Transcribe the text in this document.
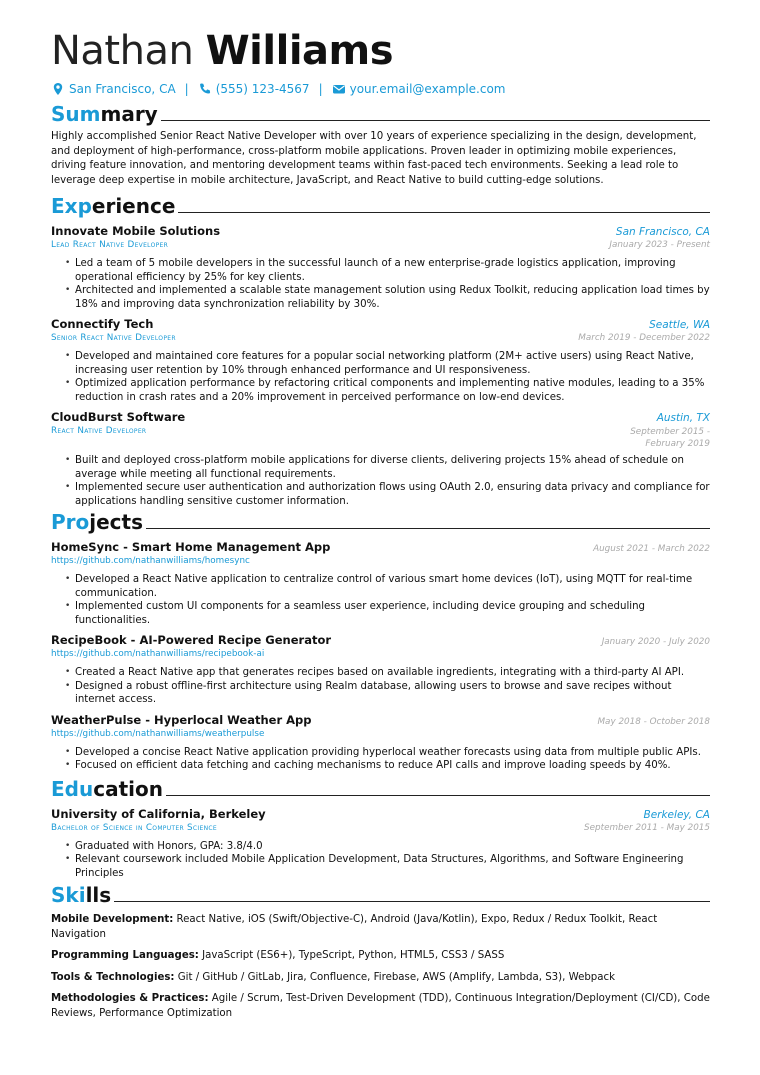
Nathan Williams
San Francisco, CA | (555) 123-4567 | your.email@example.com
Sum mary
Highly accomplished Senior React Native Developer with over 10 years of experience specializing in the design, development, and deployment of high-performance, cross-platform mobile applications. Proven leader in optimizing mobile experiences, driving feature innovation, and mentoring development teams within fast-paced tech environments. Seeking a lead role to leverage deep expertise in mobile architecture, JavaScript, and React Native to build cutting-edge solutions.
Exp erience
Innovate Mobile Solutions	San Francisco, CA
Lead React Native Developer	January 2023 - Present
• Led a team of 5 mobile developers in the successful launch of a new enterprise-grade logistics application, improving operational efficiency by 25% for key clients.
• Architected and implemented a scalable state management solution using Redux Toolkit, reducing application load times by 18% and improving data synchronization reliability by 30%.
Connectify Tech	Seattle, WA
Senior React Native Developer	March 2019 - December 2022
• Developed and maintained core features for a popular social networking platform (2M+ active users) using React Native, increasing user retention by 10% through enhanced performance and UI responsiveness.
• Optimized application performance by refactoring critical components and implementing native modules, leading to a 35% reduction in crash rates and a 20% improvement in perceived performance on low-end devices.
CloudBurst Software	Austin, TX
React Native Developer	September 2015 - February 2019
• Built and deployed cross-platform mobile applications for diverse clients, delivering projects 15% ahead of schedule on average while meeting all functional requirements.
• Implemented secure user authentication and authorization flows using OAuth 2.0, ensuring data privacy and compliance for applications handling sensitive customer information.
Pro jects
HomeSync - Smart Home Management App	August 2021 - March 2022
https://github.com/nathanwilliams/homesync
• Developed a React Native application to centralize control of various smart home devices (IoT), using MQTT for real-time communication.
• Implemented custom UI components for a seamless user experience, including device grouping and scheduling functionalities.
RecipeBook - AI-Powered Recipe Generator	January 2020 - July 2020
https://github.com/nathanwilliams/recipebook-ai
• Created a React Native app that generates recipes based on available ingredients, integrating with a third-party AI API.
• Designed a robust offline-first architecture using Realm database, allowing users to browse and save recipes without internet access.
WeatherPulse - Hyperlocal Weather App	May 2018 - October 2018
https://github.com/nathanwilliams/weatherpulse
• Developed a concise React Native application providing hyperlocal weather forecasts using data from multiple public APIs.
• Focused on efficient data fetching and caching mechanisms to reduce API calls and improve loading speeds by 40%.
Edu cation
University of California, Berkeley	Berkeley, CA
Bachelor of Science in Computer Science	September 2011 - May 2015
• Graduated with Honors, GPA: 3.8/4.0
• Relevant coursework included Mobile Application Development, Data Structures, Algorithms, and Software Engineering Principles
Ski lls
Mobile Development: React Native, iOS (Swift/Objective-C), Android (Java/Kotlin), Expo, Redux / Redux Toolkit, React Navigation
Programming Languages: JavaScript (ES6+), TypeScript, Python, HTML5, CSS3 / SASS
Tools & Technologies: Git / GitHub / GitLab, Jira, Confluence, Firebase, AWS (Amplify, Lambda, S3), Webpack
Methodologies & Practices: Agile / Scrum, Test-Driven Development (TDD), Continuous Integration/Deployment (CI/CD), Code Reviews, Performance Optimization
